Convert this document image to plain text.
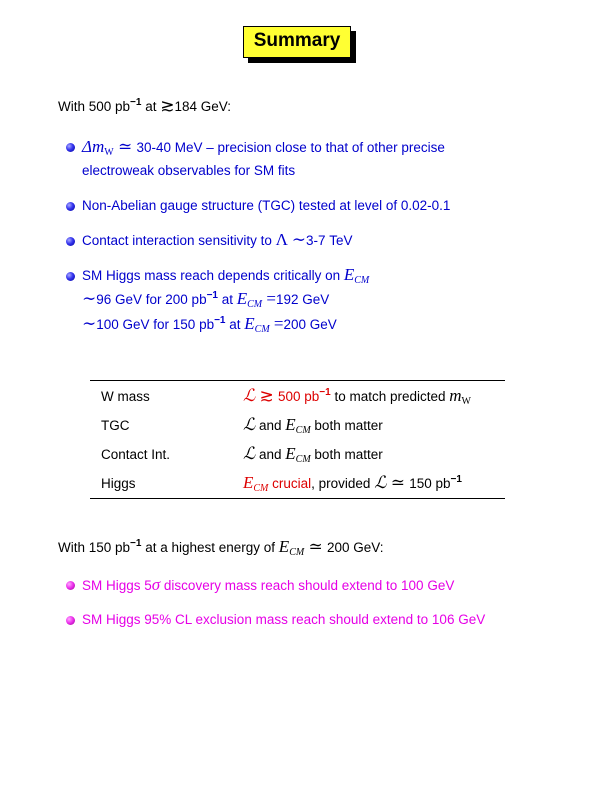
Summary
With 500 $pb^{-1}$ at ≳184 GeV:
$\Delta m_W$ ≃ 30-40 MeV – precision close to that of other precise
electroweak observables for SM fits
Non-Abelian gauge structure (TGC) tested at level of 0.02-0.1
Contact interaction sensitivity to Λ ∼3-7 TeV
SM Higgs mass reach depends critically on $E_{CM}$
∼96 GeV for 200 $pb^{-1}$ at $E_{CM} =192$ GeV
∼100 GeV for 150 $pb^{-1}$ at $E_{CM} =200$ GeV
W mass	ℒ ≳ 500 $pb^{-1}$ to match predicted $m_W$
TGC	ℒ and $E_{CM}$ both matter
Contact Int.	ℒ and $E_{CM}$ both matter
Higgs	$E_{CM}$ crucial, provided ℒ ≃ 150 $pb^{-1}$
With 150 $pb^{-1}$ at a highest energy of $E_{CM}$ ≃ 200 GeV:
SM Higgs 5σ discovery mass reach should extend to 100 GeV
SM Higgs 95% CL exclusion mass reach should extend to 106 GeV
